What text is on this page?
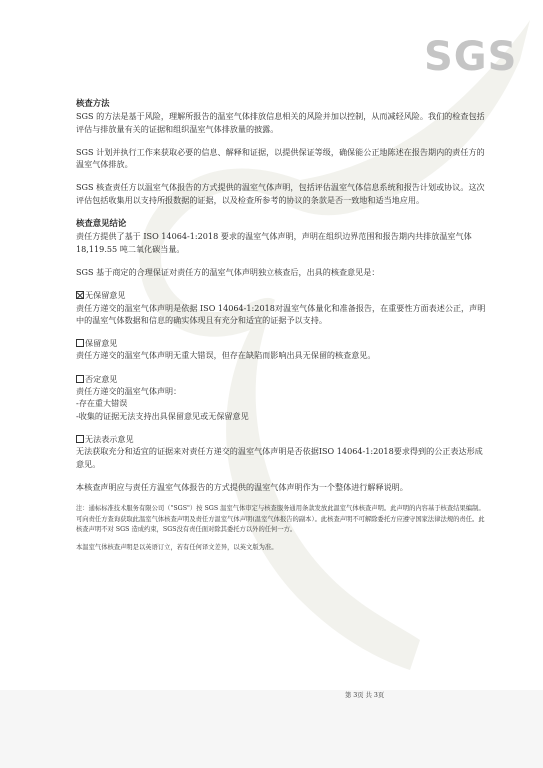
SGS

核查方法

SGS 的方法是基于风险，理解所报告的温室气体排放信息相关的风险并加以控制，从而减轻风险。我们的检查包括评估与排放量有关的证据和组织温室气体排放量的披露。

SGS 计划并执行工作来获取必要的信息、解释和证据，以提供保证等级，确保能公正地陈述在报告期内的责任方的温室气体排放。

SGS 核查责任方以温室气体报告的方式提供的温室气体声明，包括评估温室气体信息系统和报告计划或协议。这次评估包括收集用以支持所报数据的证据，以及检查所参考的协议的条款是否一致地和适当地应用。

核查意见结论

责任方提供了基于 ISO 14064-1:2018 要求的温室气体声明，声明在组织边界范围和报告期内共排放温室气体 18,119.55 吨二氧化碳当量。

SGS 基于商定的合理保证对责任方的温室气体声明独立核查后，出具的核查意见是：

无保留意见

责任方递交的温室气体声明是依据 ISO 14064-1:2018对温室气体量化和准备报告，在重要性方面表述公正，声明中的温室气体数据和信息的确实体现且有充分和适宜的证据予以支持。

保留意见

责任方递交的温室气体声明无重大错误，但存在缺陷而影响出具无保留的核查意见。

否定意见

责任方递交的温室气体声明：

-存在重大错误

-收集的证据无法支持出具保留意见或无保留意见

无法表示意见

无法获取充分和适宜的证据来对责任方递交的温室气体声明是否依据ISO 14064-1:2018要求得到的公正表达形成意见。

本核查声明应与责任方温室气体报告的方式提供的温室气体声明作为一个整体进行解释说明。

注：通标标准技术服务有限公司（"SGS"）按 SGS 温室气体审定与核查服务通用条款发放此温室气体核查声明。此声明的内容基于核查结果编制。可向责任方查询获取此温室气体核查声明及责任方温室气体声明(温室气体报告的副本）。此核查声明不可解除委托方应遵守国家法律法规的责任。此核查声明不对 SGS 造成约束，SGS没有责任面对除其委托方以外的任何一方。

本温室气体核查声明是以英语订立，若有任何译文差异，以英文版为准。

第 3页 共 3页
